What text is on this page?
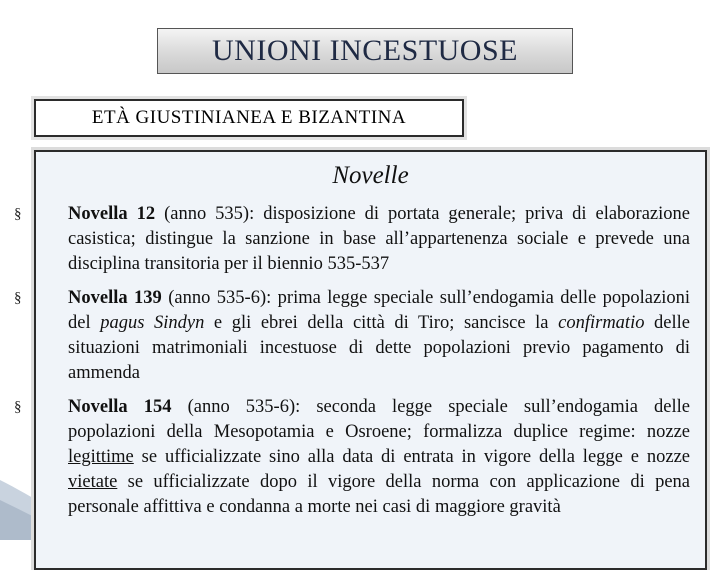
UNIONI INCESTUOSE
ETÀ GIUSTINIANEA E BIZANTINA
Novelle
§	Novella 12 (anno 535): disposizione di portata generale; priva di elaborazione casistica; distingue la sanzione in base all’appartenenza sociale e prevede una disciplina transitoria per il biennio 535-537
§	Novella 139 (anno 535-6): prima legge speciale sull’endogamia delle popolazioni del pagus Sindyn e gli ebrei della città di Tiro; sancisce la confirmatio delle situazioni matrimoniali incestuose di dette popolazioni previo pagamento di ammenda
§	Novella 154 (anno 535-6): seconda legge speciale sull’endogamia delle popolazioni della Mesopotamia e Osroene; formalizza duplice regime: nozze legittime se ufficializzate sino alla data di entrata in vigore della legge e nozze vietate se ufficializzate dopo il vigore della norma con applicazione di pena personale affittiva e condanna a morte nei casi di maggiore gravità
